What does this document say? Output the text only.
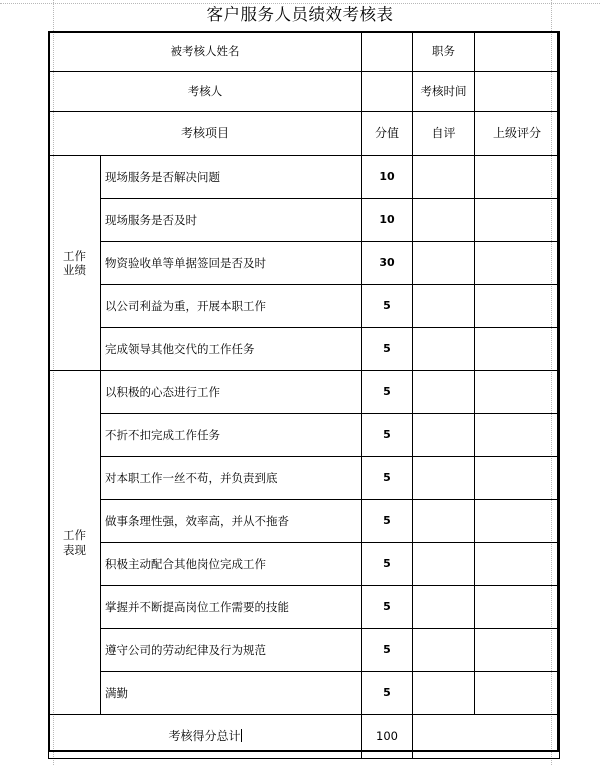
客户服务人员绩效考核表
被考核人姓名			职务	
考核人			考核时间	
考核项目		分值	自评	上级评分

工作
业绩	现场服务是否解决问题	10		
	现场服务是否及时	10		
	物资验收单等单据签回是否及时	30		
	以公司利益为重，开展本职工作	5		
	完成领导其他交代的工作任务	5		

工作
表现	以积极的心态进行工作	5		
	不折不扣完成工作任务	5		
	对本职工作一丝不苟，并负责到底	5		
	做事条理性强，效率高，并从不拖沓	5		
	积极主动配合其他岗位完成工作	5		
	掌握并不断提高岗位工作需要的技能	5		
	遵守公司的劳动纪律及行为规范	5		
	满勤	5		
考核得分总计		100		
